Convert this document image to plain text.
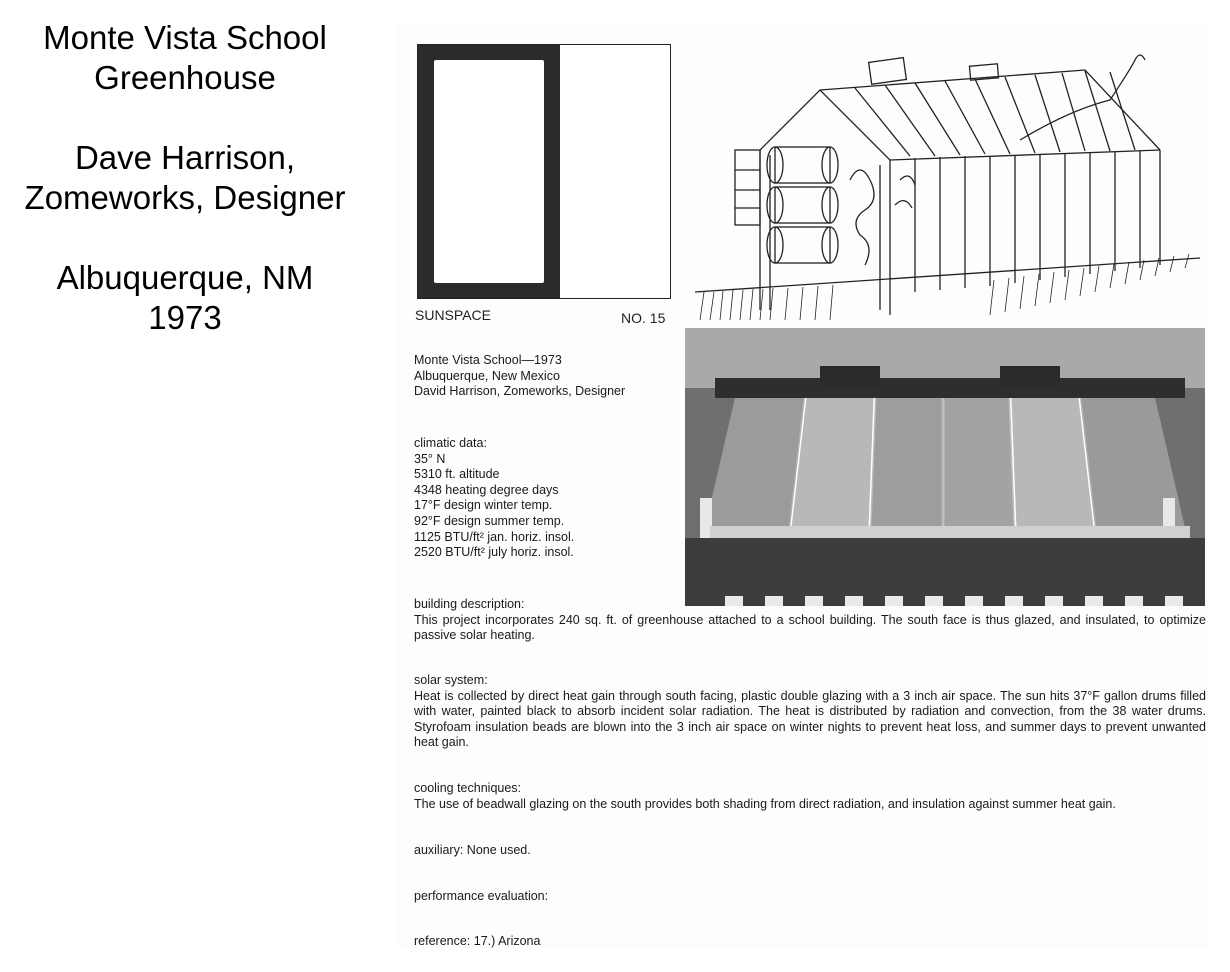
Monte Vista School
Greenhouse
Dave Harrison,
Zomeworks, Designer
Albuquerque, NM
1973	SUNSPACE	NO. 15
Monte Vista School—1973
Albuquerque, New Mexico
David Harrison, Zomeworks, Designer
climatic data:
35° N
5310 ft. altitude
4348 heating degree days
17°F design winter temp.
92°F design summer temp.
1125 BTU/ft² jan. horiz. insol.
2520 BTU/ft² july horiz. insol.
building description:
This project incorporates 240 sq. ft. of greenhouse attached to a school building. The south face is thus glazed, and insulated, to optimize passive solar heating.
solar system:
Heat is collected by direct heat gain through south facing, plastic double glazing with a 3 inch air space. The sun hits 37°F gallon drums filled with water, painted black to absorb incident solar radiation. The heat is distributed by radiation and convection, from the 38 water drums. Styrofoam insulation beads are blown into the 3 inch air space on winter nights to prevent heat loss, and summer days to prevent unwanted heat gain.
cooling techniques:
The use of beadwall glazing on the south provides both shading from direct radiation, and insulation against summer heat gain.
auxiliary: None used.
performance evaluation:
reference: 17.) Arizona
